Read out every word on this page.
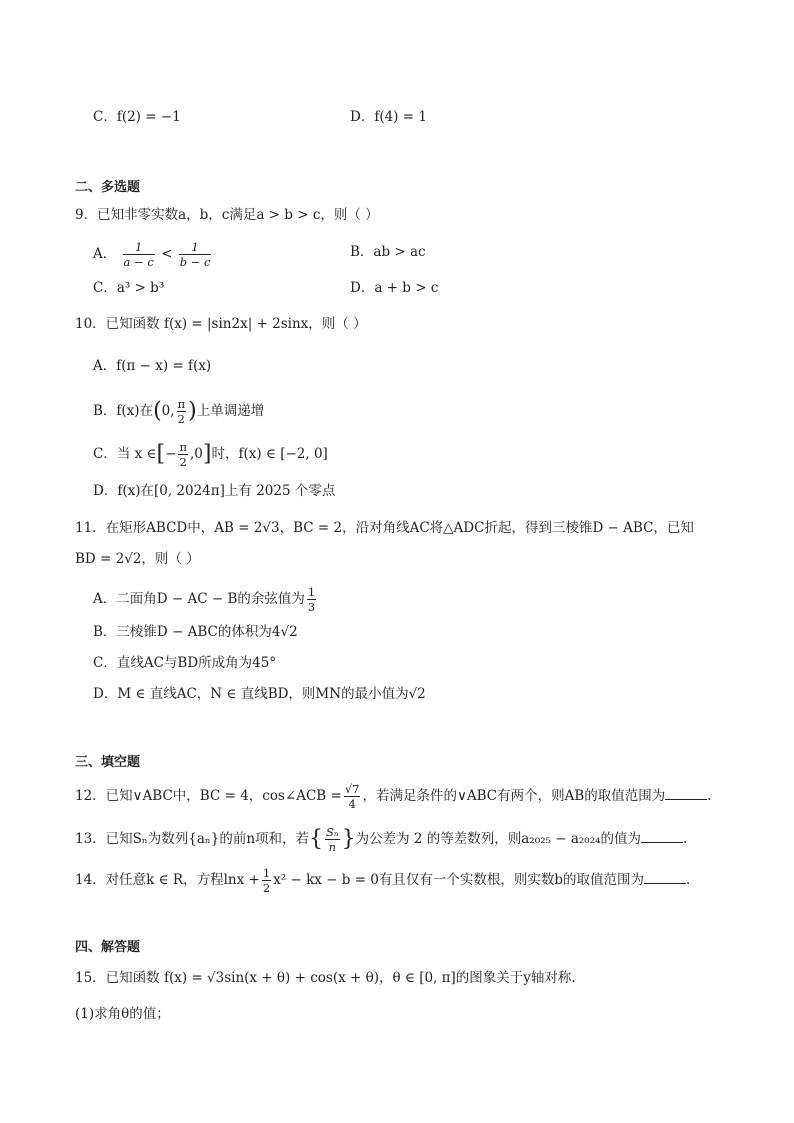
C．f(2) = −1	D．f(4) = 1
二、多选题
9．已知非零实数a，b，c满足a > b > c，则（ ）
A． $\frac{1}{a - c} < \frac{1}{b - c}$	B．ab > ac
C．a³ > b³	D．a + b > c
10．已知函数 f(x) = |sin2x| + 2sinx，则（ ）
A．f(π − x) = f(x)
B．f(x)在(0, $\frac{\pi}{2}$ )上单调递增
C．当 x ∈[− $\frac{\pi}{2} ,0$]时，f(x) ∈ [−2, 0]
D．f(x)在[0, 2024π]上有 2025 个零点
11．在矩形ABCD中，AB = 2√3，BC = 2，沿对角线AC将△ADC折起，得到三棱锥D − ABC，已知
BD = 2√2，则（ ）
A．二面角D − AC − B的余弦值为 $\frac{1}{3}$
B．三棱锥D − ABC的体积为4√2
C．直线AC与BD所成角为45°
D．M ∈ 直线AC，N ∈ 直线BD，则MN的最小值为√2
三、填空题
12．已知∨ABC中，BC = 4，cos∠ACB = $\frac{√7}{4}$ ，若满足条件的∨ABC有两个，则AB的取值范围为	.
13．已知Sₙ为数列{aₙ}的前n项和，若{ $\frac{\text{Sₙ}}{n}$ }为公差为 2 的等差数列，则a₂₀₂₅ − a₂₀₂₄的值为	.
14．对任意k ∈ R，方程$\ln x + \frac{1}{2} x^2$ − kx − b = 0有且仅有一个实数根，则实数b的取值范围为	.
四、解答题
15．已知函数 f(x) = √3sin(x + θ) + cos(x + θ)，θ ∈ [0, π]的图象关于y轴对称.
(1)求角θ的值；
